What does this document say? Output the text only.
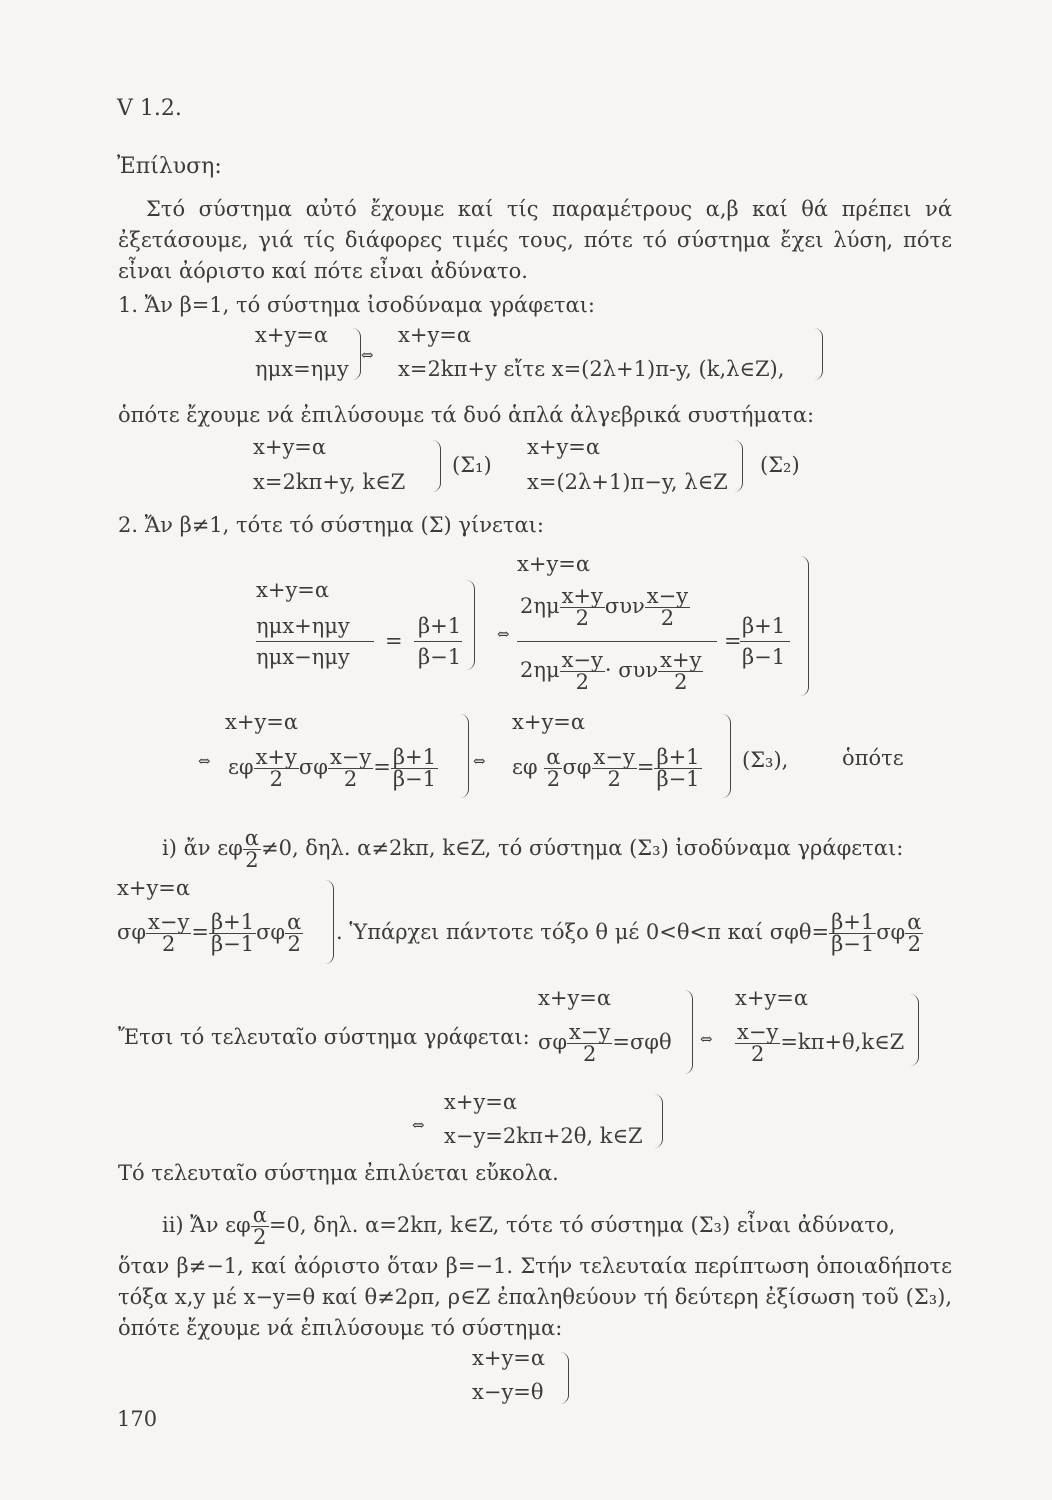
V 1.2.
Ἐπίλυση:
Στό σύστημα αὐτό ἔχουμε καί τίς παραμέτρους α,β καί θά πρέπει νά ἐξετάσουμε, γιά τίς διάφορες τιμές τους, πότε τό σύστημα ἔχει λύση, πότε εἶναι ἀόριστο καί πότε εἶναι ἀδύνατο.
1. Ἄν β=1, τό σύστημα ἰσοδύναμα γράφεται:
x+y=α
ημx=ημy
⇔
x+y=α
x=2kπ+y εἴτε x=(2λ+1)π-y, (k,λ∈Z),
ὁπότε ἔχουμε νά ἐπιλύσουμε τά δυό ἁπλά ἀλγεβρικά συστήματα:
x+y=α
x=2kπ+y, k∈Z
(Σ₁)
x+y=α
x=(2λ+1)π−y, λ∈Z
(Σ₂)
2. Ἄν β≠1, τότε τό σύστημα (Σ) γίνεται:
x+y=α
ημx+ημy
ημx−ημy
=
β+1
β−1
⇔
x+y=α
$2\eta\mu \frac{x+y}{2}$ συν $\frac{x-y}{2}$
$2\eta\mu \frac{x-y}{2} \cdot \sigma\upsilon\nu \frac{x+y}{2}$
=
β+1
β−1
x+y=α
⇔ εφ $\frac{x+y}{2}$ σφ $\frac{x-y}{2} = \frac{\beta+1}{\beta-1}$ ⇔
x+y=α
εφ $\frac{\alpha}{2}$ σφ $\frac{x-y}{2} = \frac{\beta+1}{\beta-1} (\Sigma_3)$,	ὁπότε
i) ἄν εφ $\frac{\alpha}{2} \ne 0$, δηλ. α≠2kπ, k∈Z, τό σύστημα (Σ₃) ἰσοδύναμα γράφεται:
x+y=α
σφ $\frac{x-y}{2} = \frac{\beta+1}{\beta-1}$ σφ $\frac{\alpha}{2}$ . Ὑπάρχει πάντοτε τόξο θ μέ 0<θ<π καί $\sigma\varphi\theta= \frac{\beta+1}{\beta-1}$ σφ $\frac{\alpha}{2}$
Ἔτσι τό τελευταῖο σύστημα γράφεται:
x+y=α
σφ $\frac{x-y}{2} =\sigma\varphi\theta$ ⇔
x+y=α
$\frac{x-y}{2}$ =kπ+θ,k∈Z
⇔
x+y=α
x−y=2kπ+2θ, k∈Z
Τό τελευταῖο σύστημα ἐπιλύεται εὔκολα.
ii) Ἄν εφ $\frac{\alpha}{2} =0$, δηλ. α=2kπ, k∈Z, τότε τό σύστημα (Σ₃) εἶναι ἀδύνατο,
ὅταν β≠−1, καί ἀόριστο ὅταν β=−1. Στήν τελευταία περίπτωση ὁποιαδήποτε τόξα x,y μέ x−y=θ καί θ≠2ρπ, ρ∈Z ἐπαληθεύουν τή δεύτερη ἐξίσωση τοῦ (Σ₃), ὁπότε ἔχουμε νά ἐπιλύσουμε τό σύστημα:
x+y=α
x−y=θ
170
